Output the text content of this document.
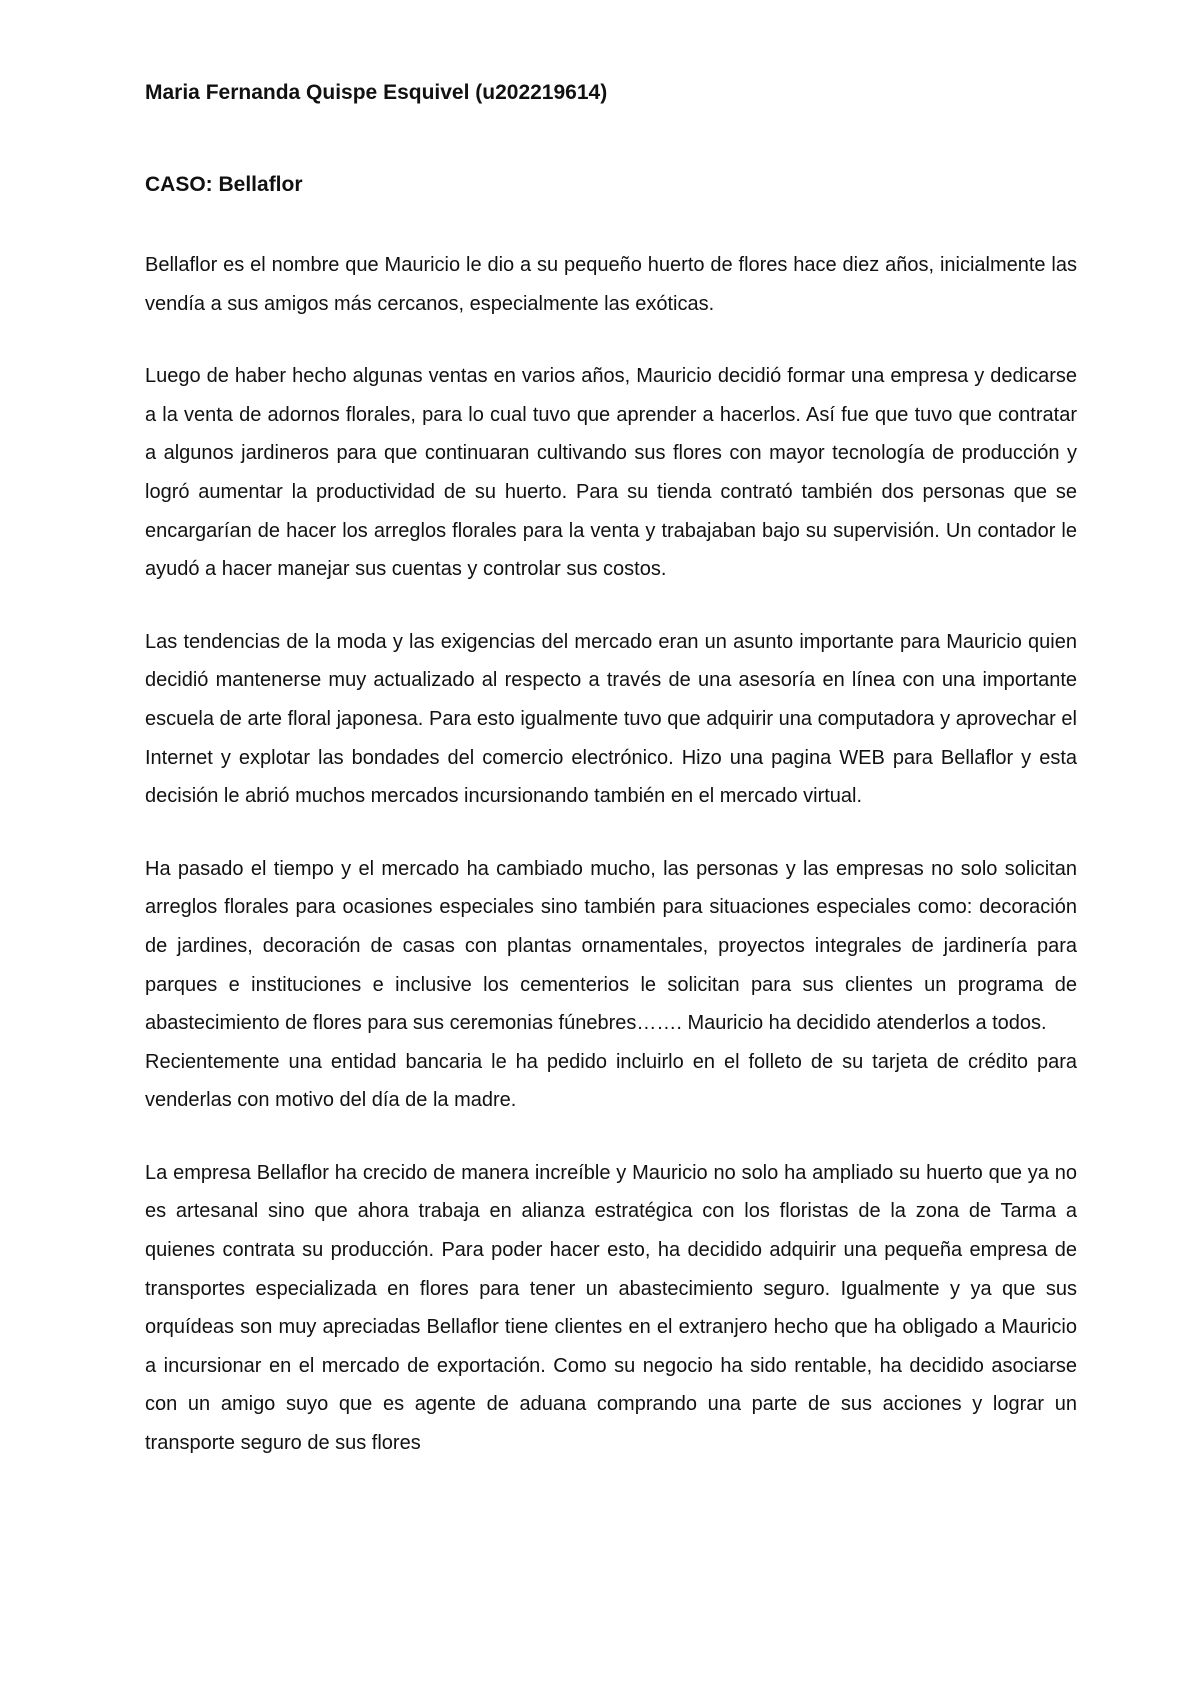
Maria Fernanda Quispe Esquivel (u202219614)

CASO: Bellaflor

Bellaflor es el nombre que Mauricio le dio a su pequeño huerto de flores hace diez años, inicialmente las vendía a sus amigos más cercanos, especialmente las exóticas.

Luego de haber hecho algunas ventas en varios años, Mauricio decidió formar una empresa y dedicarse a la venta de adornos florales, para lo cual tuvo que aprender a hacerlos. Así fue que tuvo que contratar a algunos jardineros para que continuaran cultivando sus flores con mayor tecnología de producción y logró aumentar la productividad de su huerto. Para su tienda contrató también dos personas que se encargarían de hacer los arreglos florales para la venta y trabajaban bajo su supervisión. Un contador le ayudó a hacer manejar sus cuentas y controlar sus costos.

Las tendencias de la moda y las exigencias del mercado eran un asunto importante para Mauricio quien decidió mantenerse muy actualizado al respecto a través de una asesoría en línea con una importante escuela de arte floral japonesa. Para esto igualmente tuvo que adquirir una computadora y aprovechar el Internet y explotar las bondades del comercio electrónico. Hizo una pagina WEB para Bellaflor y esta decisión le abrió muchos mercados incursionando también en el mercado virtual.

Ha pasado el tiempo y el mercado ha cambiado mucho, las personas y las empresas no solo solicitan arreglos florales para ocasiones especiales sino también para situaciones especiales como: decoración de jardines, decoración de casas con plantas ornamentales, proyectos integrales de jardinería para parques e instituciones e inclusive los cementerios le solicitan para sus clientes un programa de abastecimiento de flores para sus ceremonias fúnebres……. Mauricio ha decidido atenderlos a todos.

Recientemente una entidad bancaria le ha pedido incluirlo en el folleto de su tarjeta de crédito para venderlas con motivo del día de la madre.

La empresa Bellaflor ha crecido de manera increíble y Mauricio no solo ha ampliado su huerto que ya no es artesanal sino que ahora trabaja en alianza estratégica con los floristas de la zona de Tarma a quienes contrata su producción. Para poder hacer esto, ha decidido adquirir una pequeña empresa de transportes especializada en flores para tener un abastecimiento seguro. Igualmente y ya que sus orquídeas son muy apreciadas Bellaflor tiene clientes en el extranjero hecho que ha obligado a Mauricio a incursionar en el mercado de exportación. Como su negocio ha sido rentable, ha decidido asociarse con un amigo suyo que es agente de aduana comprando una parte de sus acciones y lograr un transporte seguro de sus flores
